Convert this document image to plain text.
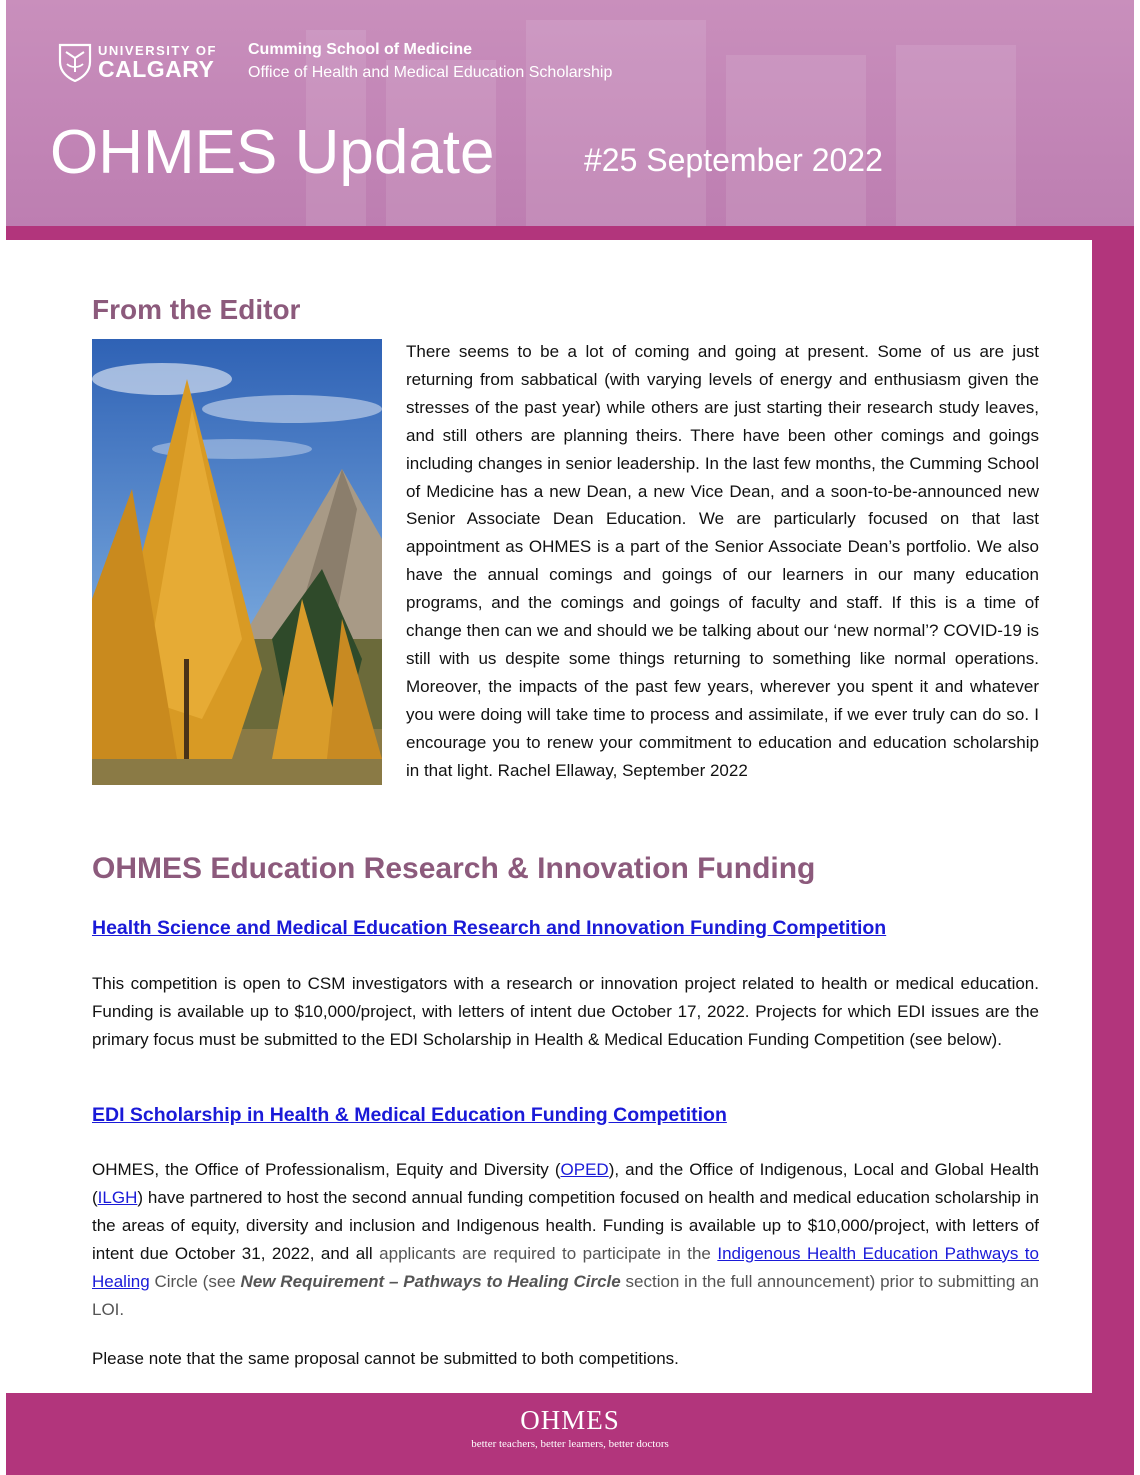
UNIVERSITY OF
CALGARY
Cumming School of Medicine
Office of Health and Medical Education Scholarship
OHMES Update	#25 September 2022
From the Editor

There seems to be a lot of coming and going at present. Some of us are just returning from sabbatical (with varying levels of energy and enthusiasm given the stresses of the past year) while others are just starting their research study leaves, and still others are planning theirs. There have been other comings and goings including changes in senior leadership. In the last few months, the Cumming School of Medicine has a new Dean, a new Vice Dean, and a soon-to-be-announced new Senior Associate Dean Education. We are particularly focused on that last appointment as OHMES is a part of the Senior Associate Dean’s portfolio. We also have the annual comings and goings of our learners in our many education programs, and the comings and goings of faculty and staff. If this is a time of change then can we and should we be talking about our ‘new normal’? COVID-19 is still with us despite some things returning to something like normal operations. Moreover, the impacts of the past few years, wherever you spent it and whatever you were doing will take time to process and assimilate, if we ever truly can do so. I encourage you to renew your commitment to education and education scholarship in that light. Rachel Ellaway, September 2022

OHMES Education Research & Innovation Funding
Health Science and Medical Education Research and Innovation Funding Competition

This competition is open to CSM investigators with a research or innovation project related to health or medical education. Funding is available up to $10,000/project, with letters of intent due October 17, 2022. Projects for which EDI issues are the primary focus must be submitted to the EDI Scholarship in Health & Medical Education Funding Competition (see below).

EDI Scholarship in Health & Medical Education Funding Competition

OHMES, the Office of Professionalism, Equity and Diversity (OPED), and the Office of Indigenous, Local and Global Health (ILGH) have partnered to host the second annual funding competition focused on health and medical education scholarship in the areas of equity, diversity and inclusion and Indigenous health. Funding is available up to $10,000/project, with letters of intent due October 31, 2022, and all applicants are required to participate in the Indigenous Health Education Pathways to Healing Circle (see New Requirement – Pathways to Healing Circle section in the full announcement) prior to submitting an LOI.

Please note that the same proposal cannot be submitted to both competitions.

OHMES
better teachers, better learners, better doctors
